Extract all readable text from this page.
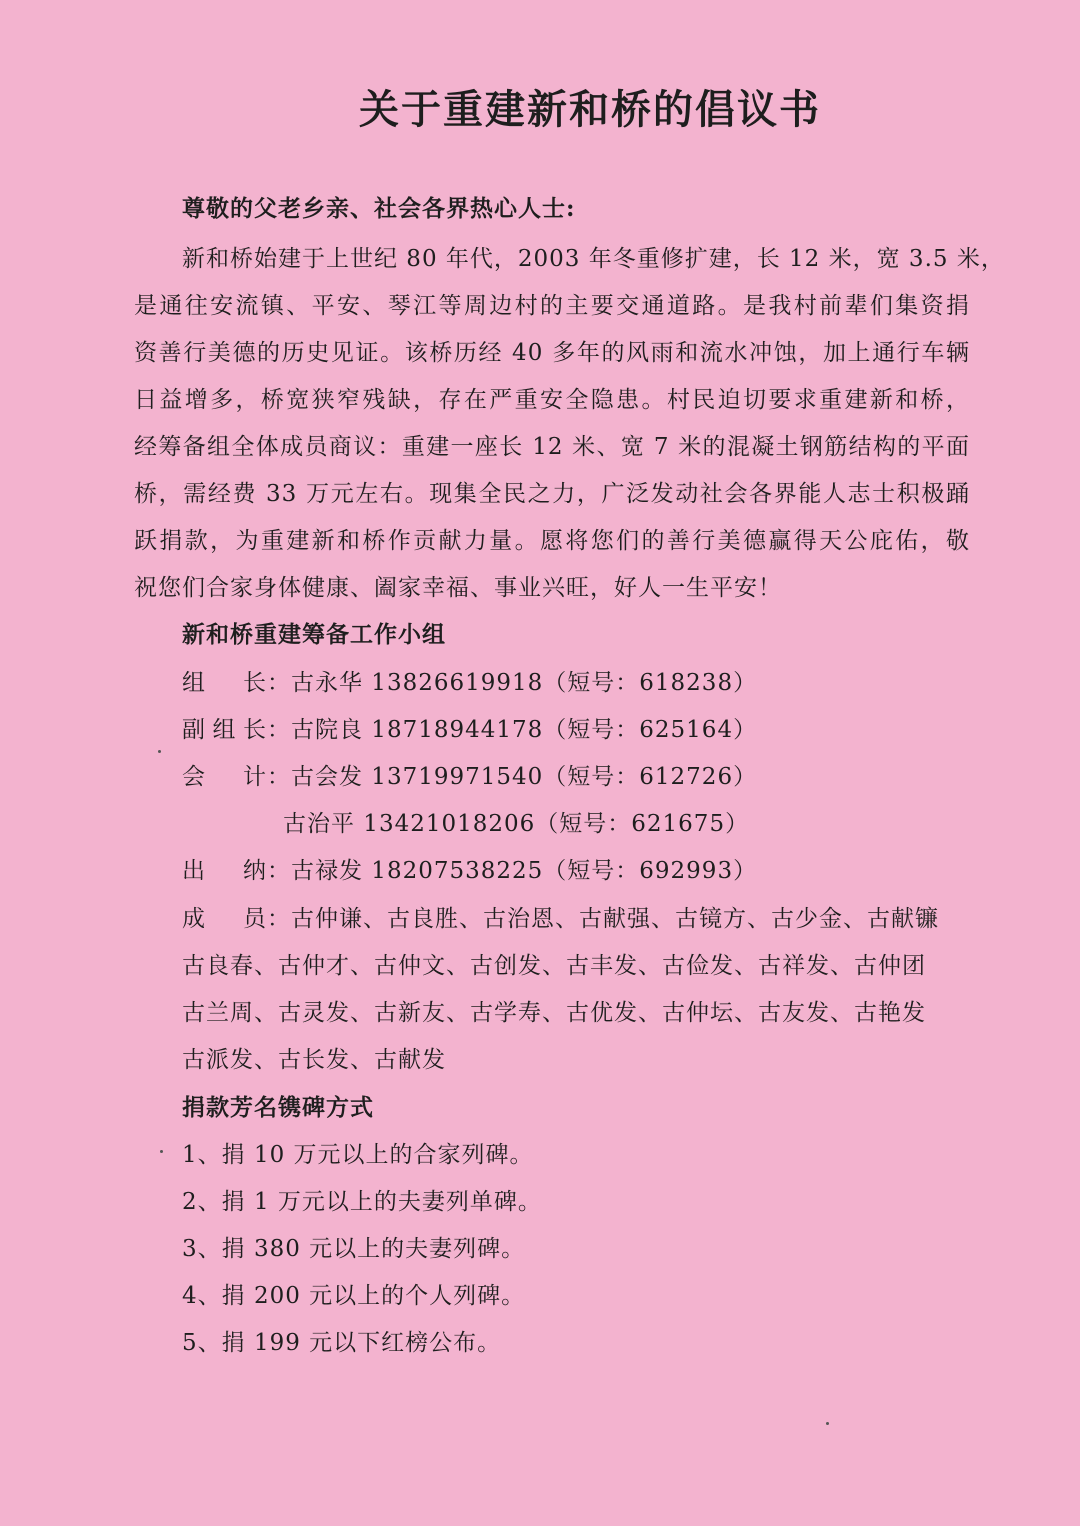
关于重建新和桥的倡议书
尊敬的父老乡亲、社会各界热心人士:
新和桥始建于上世纪 80 年代，2003 年冬重修扩建，长 12 米，宽 3.5 米，
是通往安流镇、平安、琴江等周边村的主要交通道路。是我村前辈们集资捐
资善行美德的历史见证。该桥历经 40 多年的风雨和流水冲蚀，加上通行车辆
日益增多，桥宽狭窄残缺，存在严重安全隐患。村民迫切要求重建新和桥，
经筹备组全体成员商议：重建一座长 12 米、宽 7 米的混凝土钢筋结构的平面
桥，需经费 33 万元左右。现集全民之力，广泛发动社会各界能人志士积极踊
跃捐款，为重建新和桥作贡献力量。愿将您们的善行美德赢得天公庇佑，敬
祝您们合家身体健康、阖家幸福、事业兴旺，好人一生平安！
新和桥重建筹备工作小组
组 长：古永华 13826619918（短号：618238）
副组长：古院良 18718944178（短号：625164）
会 计：古会发 13719971540（短号：612726）
古治平 13421018206（短号：621675）
出 纳：古禄发 18207538225（短号：692993）
成 员：古仲谦、古良胜、古治恩、古献强、古镜方、古少金、古献镰
古良春、古仲才、古仲文、古创发、古丰发、古俭发、古祥发、古仲团
古兰周、古灵发、古新友、古学寿、古优发、古仲坛、古友发、古艳发
古派发、古长发、古献发
捐款芳名镌碑方式
1、捐 10 万元以上的合家列碑。
2、捐 1 万元以上的夫妻列单碑。
3、捐 380 元以上的夫妻列碑。
4、捐 200 元以上的个人列碑。
5、捐 199 元以下红榜公布。
